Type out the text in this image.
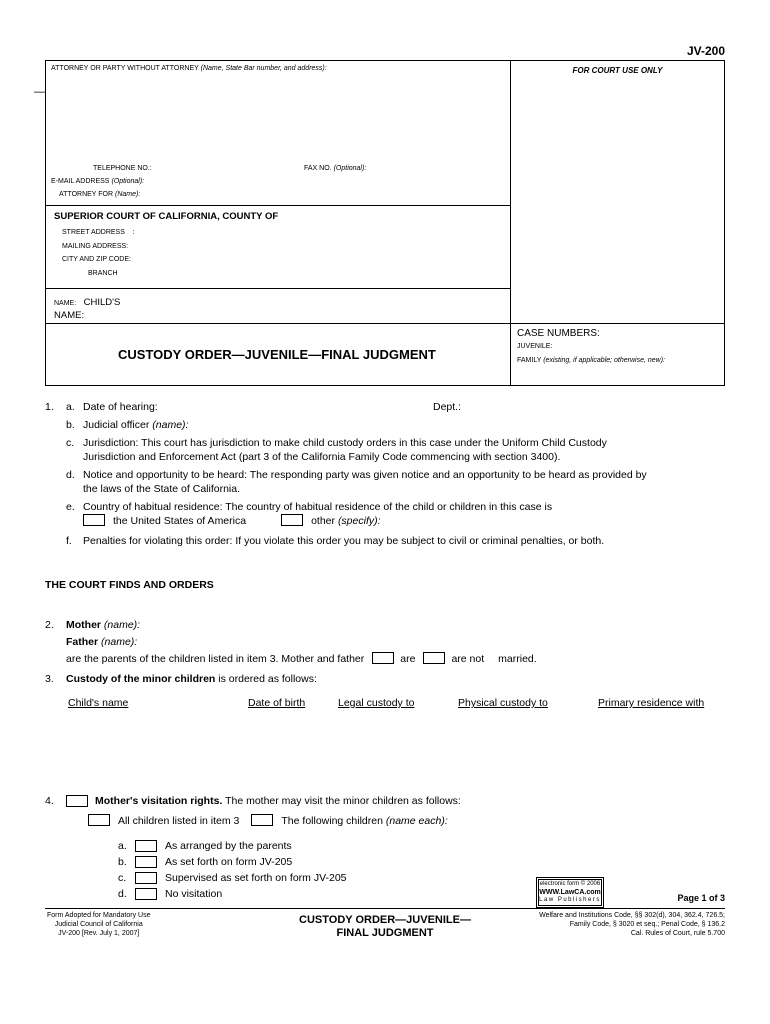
JV-200
—
ATTORNEY OR PARTY WITHOUT ATTORNEY (Name, State Bar number, and address):
TELEPHONE NO.:	FAX NO. (Optional):
E-MAIL ADDRESS (Optional):
ATTORNEY FOR (Name):
SUPERIOR COURT OF CALIFORNIA, COUNTY OF
STREET ADDRESS    :
MAILING ADDRESS:
CITY AND ZIP CODE:
BRANCH
NAME: CHILD'S
NAME:
CUSTODY ORDER—JUVENILE—FINAL JUDGMENT
FOR COURT USE ONLY
CASE NUMBERS:
JUVENILE:
FAMILY (existing, if applicable; otherwise, new):
1.	a. Date of hearing:	Dept.:
b. Judicial officer (name):
c. Jurisdiction: This court has jurisdiction to make child custody orders in this case under the Uniform Child Custody
Jurisdiction and Enforcement Act (part 3 of the California Family Code commencing with section 3400).
d. Notice and opportunity to be heard: The responding party was given notice and an opportunity to be heard as provided by
the laws of the State of California.
e. Country of habitual residence: The country of habitual residence of the child or children in this case is
the United States of America	other (specify):
f.	Penalties for violating this order: If you violate this order you may be subject to civil or criminal penalties, or both.
THE COURT FINDS AND ORDERS
2.	Mother (name):
Father (name):
are the parents of the children listed in item 3. Mother and father	are	are not married.
3.	Custody of the minor children is ordered as follows:
Child's name	Date of birth	Legal custody to	Physical custody to	Primary residence with
4.	Mother's visitation rights. The mother may visit the minor children as follows:
All children listed in item 3	The following children
(name each):
a.	As arranged by the parents
b.	As set forth on form JV-205
c.	Supervised as set forth on form JV-205
d.	No visitation
electronic form © 2006
WWW.LawCA.com
Law Publishers	Page 1 of 3
Form Adopted for Mandatory Use
Judicial Council of California
JV-200 [Rev. July 1, 2007]
CUSTODY ORDER—JUVENILE—
FINAL JUDGMENT
Welfare and Institutions Code, §§ 302(d), 304, 362.4, 726.5;
Family Code, § 3020 et seq.; Penal Code, § 136.2
Cal. Rules of Court, rule 5.700
